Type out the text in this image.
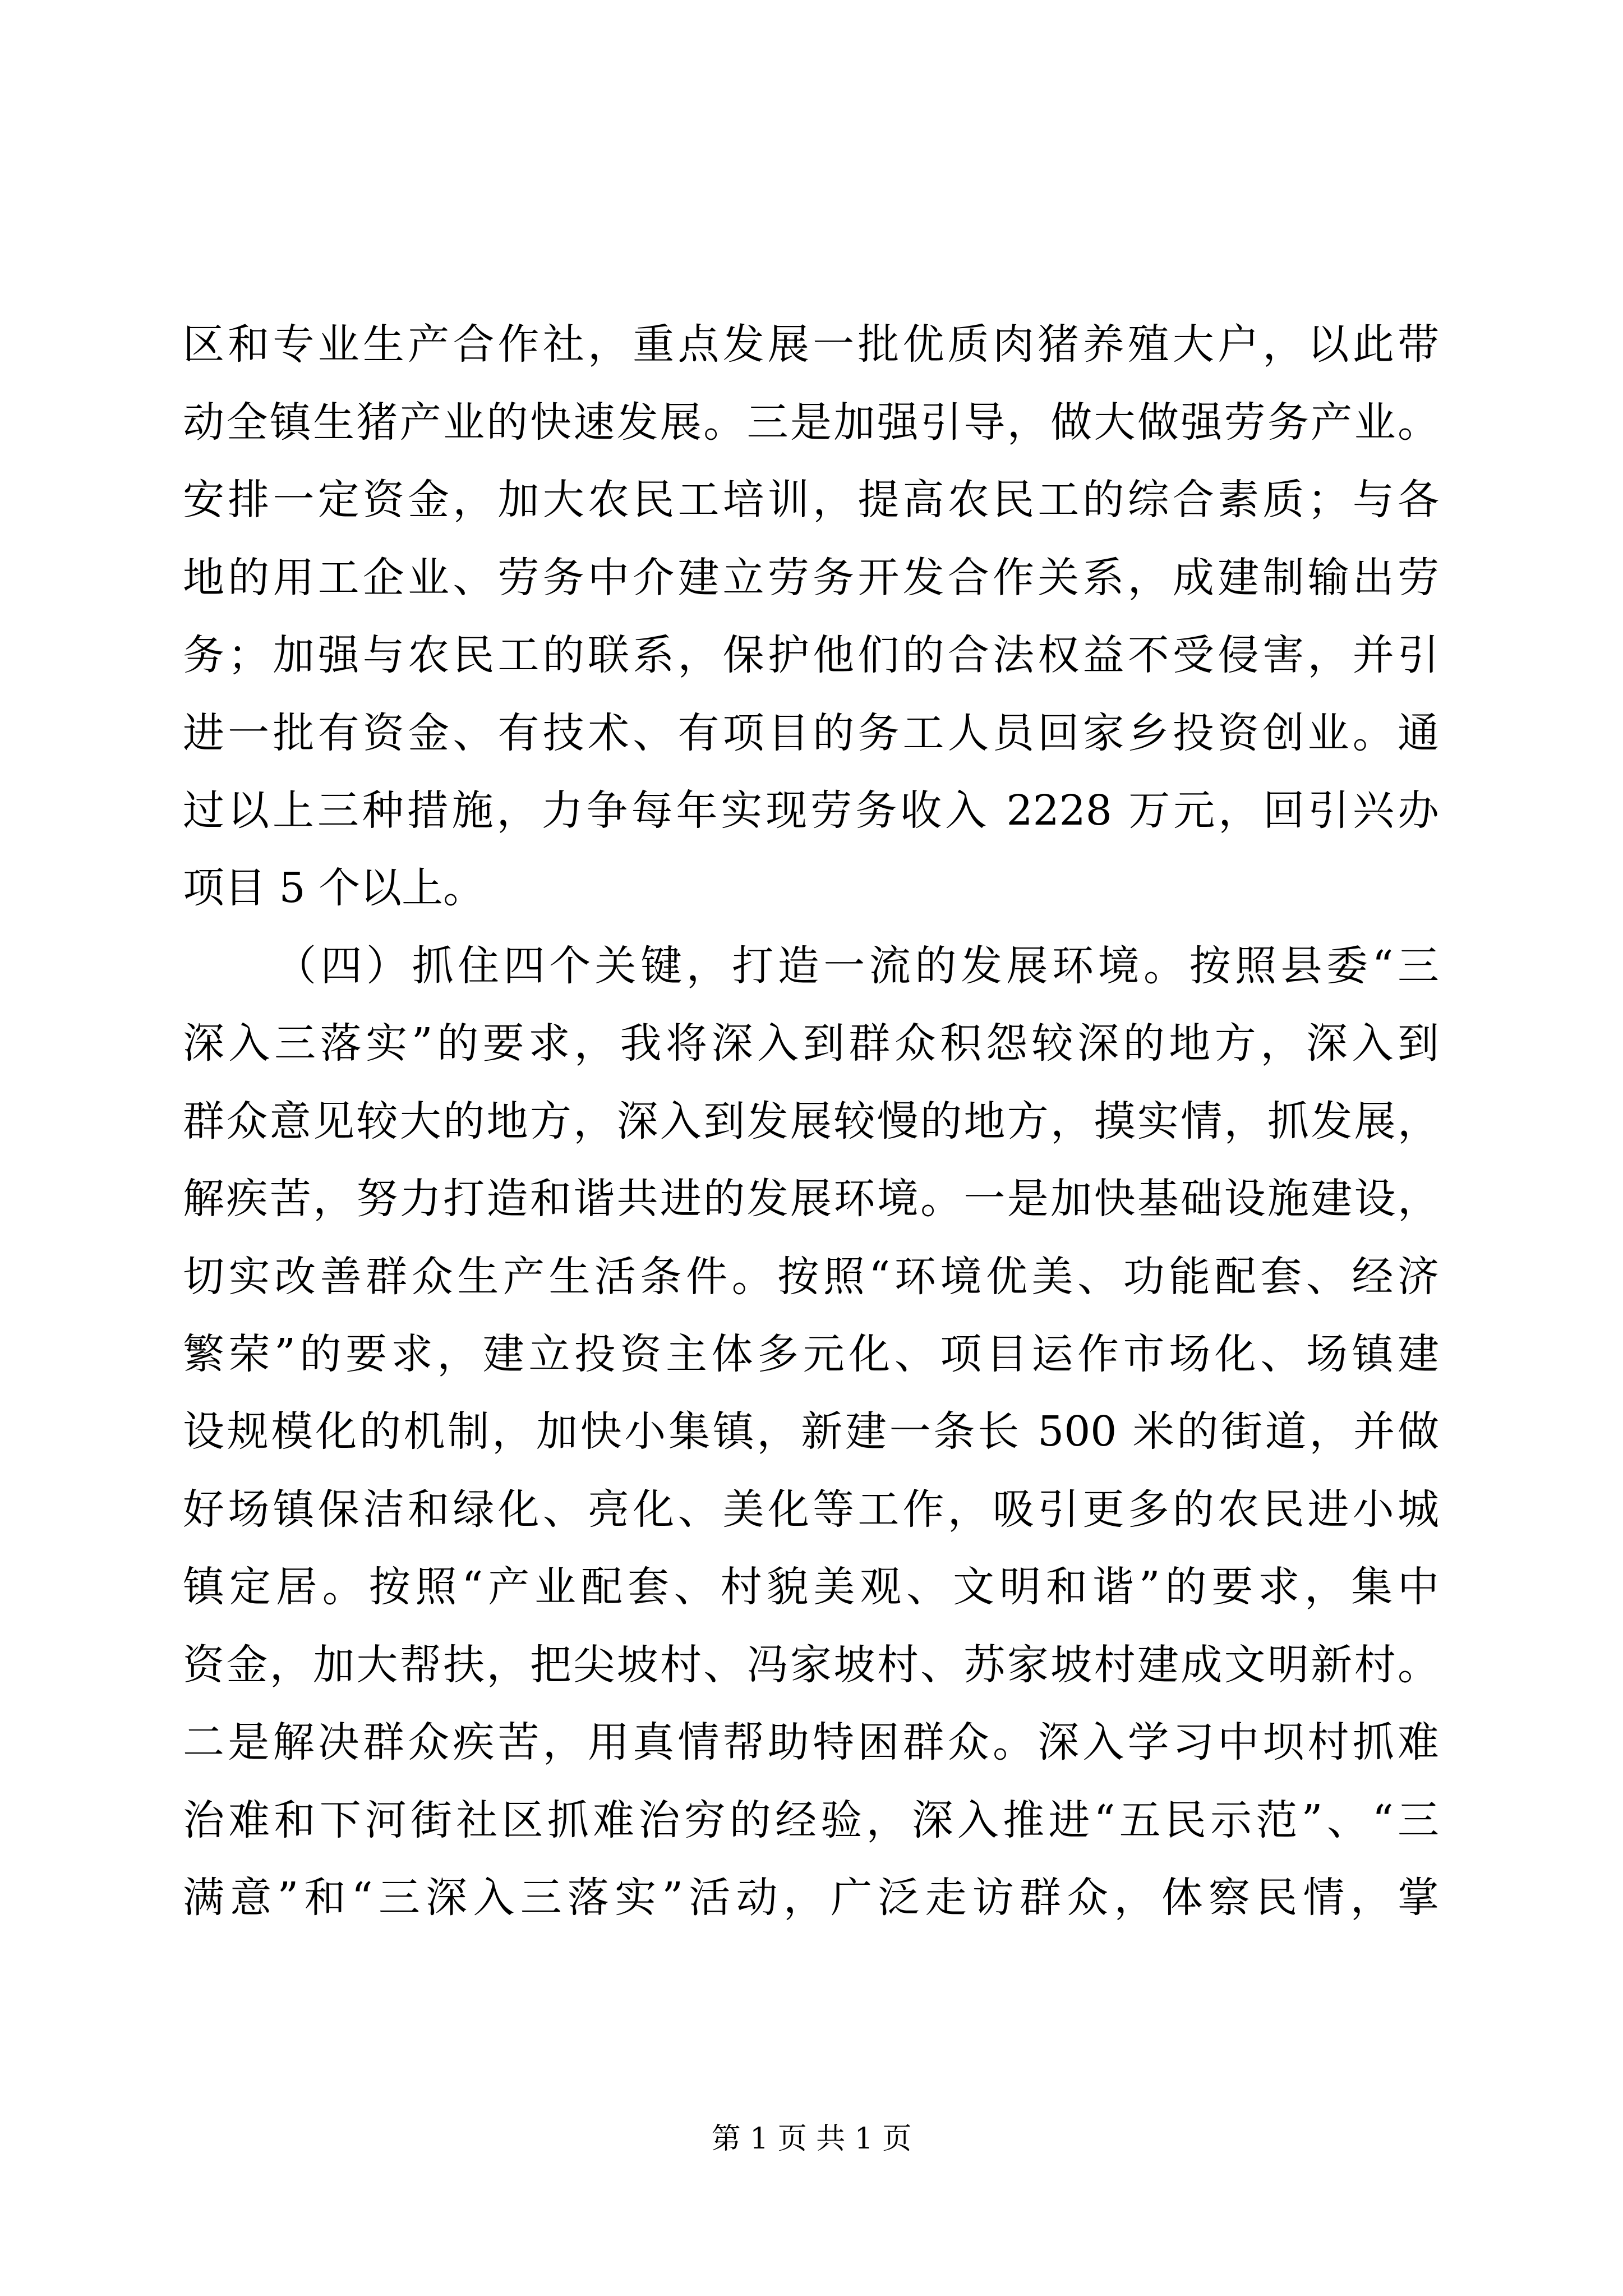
区和专业生产合作社，重点发展一批优质肉猪养殖大户，以此带
动全镇生猪产业的快速发展。三是加强引导，做大做强劳务产业。
安排一定资金，加大农民工培训，提高农民工的综合素质；与各
地的用工企业、劳务中介建立劳务开发合作关系，成建制输出劳
务；加强与农民工的联系，保护他们的合法权益不受侵害，并引
进一批有资金、有技术、有项目的务工人员回家乡投资创业。通
过以上三种措施，力争每年实现劳务收入 2228 万元，回引兴办
项目 5 个以上。
（四）抓住四个关键，打造一流的发展环境。按照县委“三
深入三落实”的要求，我将深入到群众积怨较深的地方，深入到
群众意见较大的地方，深入到发展较慢的地方，摸实情，抓发展，
解疾苦，努力打造和谐共进的发展环境。一是加快基础设施建设，
切实改善群众生产生活条件。按照“环境优美、功能配套、经济
繁荣”的要求，建立投资主体多元化、项目运作市场化、场镇建
设规模化的机制，加快小集镇，新建一条长 500 米的街道，并做
好场镇保洁和绿化、亮化、美化等工作，吸引更多的农民进小城
镇定居。按照“产业配套、村貌美观、文明和谐”的要求，集中
资金，加大帮扶，把尖坡村、冯家坡村、苏家坡村建成文明新村。
二是解决群众疾苦，用真情帮助特困群众。深入学习中坝村抓难
治难和下河街社区抓难治穷的经验，深入推进“五民示范”、“三
满意”和“三深入三落实”活动，广泛走访群众，体察民情，掌
第 1 页 共 1 页
